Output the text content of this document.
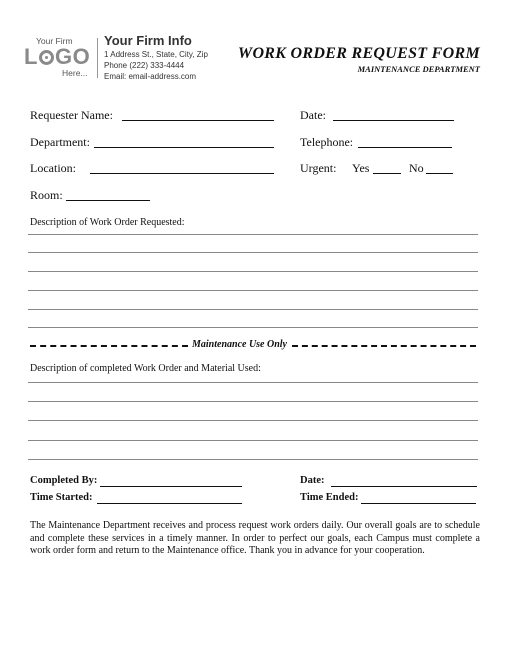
Your Firm
L GO
Here...
Your Firm Info
1 Address St., State, City, Zip
Phone (222) 333-4444
Email: email-address.com
WORK ORDER REQUEST FORM
MAINTENANCE DEPARTMENT
Requester Name:	Date:
Department:	Telephone:
Location:	Urgent: Yes	No
Room:
Description of Work Order Requested:
Maintenance Use Only
Description of completed Work Order and Material Used:
Completed By:	Date:
Time Started:	Time Ended:
The Maintenance Department receives and process request work orders daily. Our overall goals are to schedule and complete these services in a timely manner. In order to perfect our goals, each Campus must complete a work order form and return to the Maintenance office. Thank you in advance for your cooperation.
